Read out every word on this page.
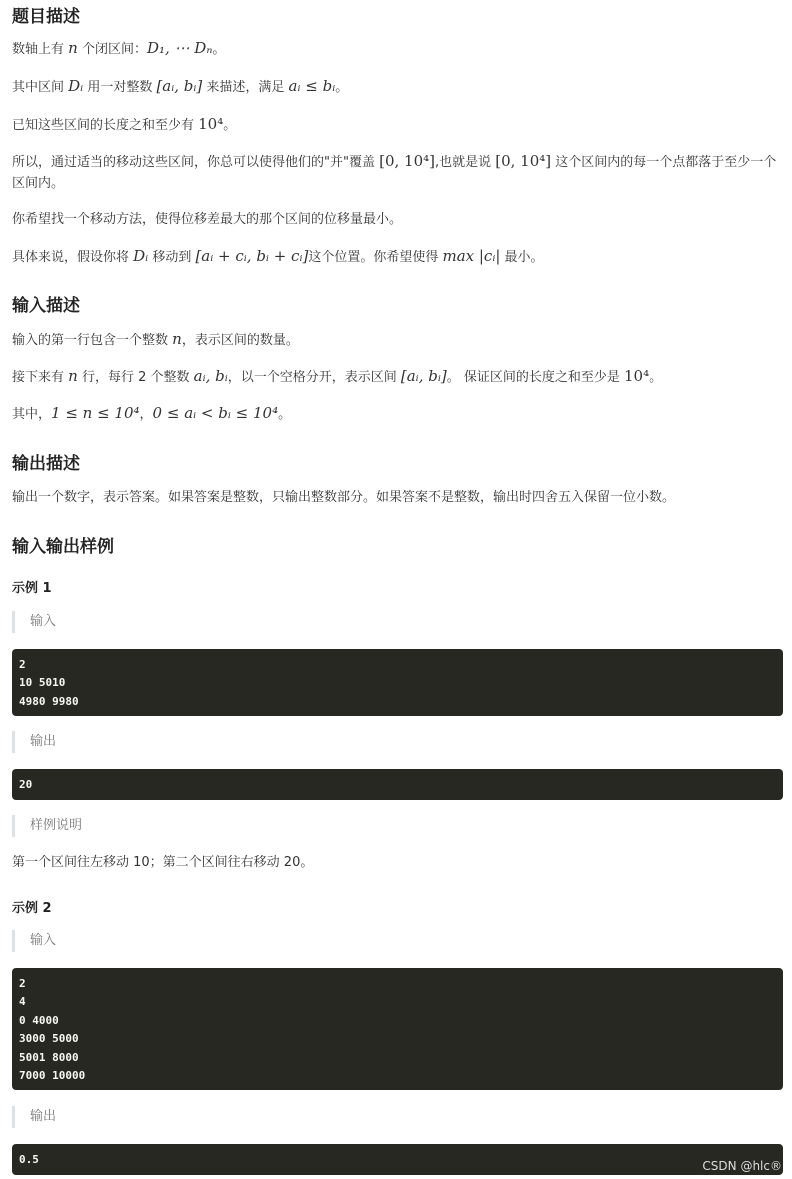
题目描述
数轴上有 n 个闭区间：D₁, ⋯ Dₙ。
其中区间 Dᵢ 用一对整数 [aᵢ, bᵢ] 来描述，满足 aᵢ ≤ bᵢ。
已知这些区间的长度之和至少有 10⁴。
所以，通过适当的移动这些区间，你总可以使得他们的"并"覆盖 [0, 10⁴],也就是说 [0, 10⁴] 这个区间内的每一个点都落于至少一个区间内。
你希望找一个移动方法，使得位移差最大的那个区间的位移量最小。
具体来说，假设你将 Dᵢ 移动到 [aᵢ + cᵢ, bᵢ + cᵢ]这个位置。你希望使得 max |cᵢ| 最小。
输入描述
输入的第一行包含一个整数 n，表示区间的数量。
接下来有 n 行，每行 2 个整数 aᵢ, bᵢ，以一个空格分开，表示区间 [aᵢ, bᵢ]。 保证区间的长度之和至少是 10⁴。
其中，1 ≤ n ≤ 10⁴，0 ≤ aᵢ < bᵢ ≤ 10⁴。
输出描述
输出一个数字，表示答案。如果答案是整数，只输出整数部分。如果答案不是整数，输出时四舍五入保留一位小数。
输入输出样例
示例 1
输入
2
10 5010
4980 9980
输出
20
样例说明
第一个区间往左移动 10；第二个区间往右移动 20。
示例 2
输入
2
4
0 4000
3000 5000
5001 8000
7000 10000
输出
0.5	CSDN @hlc®
